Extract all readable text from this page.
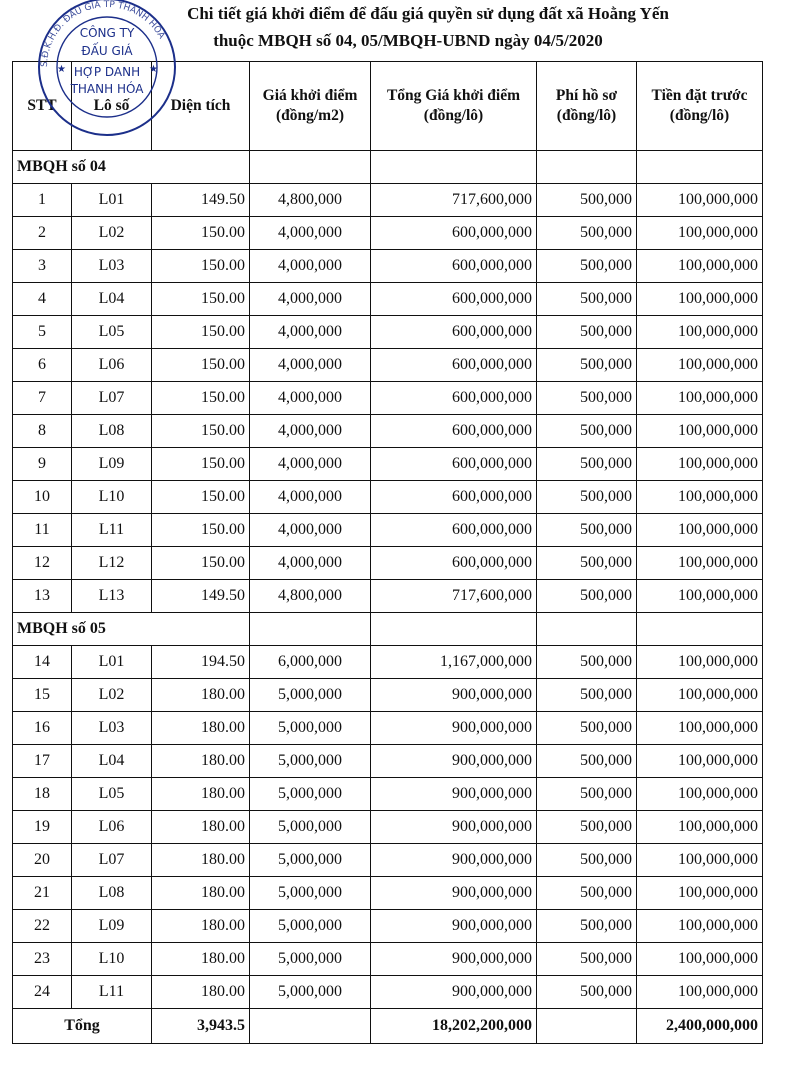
Chi tiết giá khởi điểm để đấu giá quyền sử dụng đất xã Hoằng Yến
thuộc MBQH số 04, 05/MBQH-UBND ngày 04/5/2020
STT	Lô số	Diện tích	Giá khởi điểm (đồng/m2)	Tổng Giá khởi điểm (đồng/lô)	Phí hồ sơ (đồng/lô)	Tiền đặt trước (đồng/lô)
MBQH số 04						
1	L01	149.50	4,800,000	717,600,000	500,000	100,000,000
2	L02	150.00	4,000,000	600,000,000	500,000	100,000,000
3	L03	150.00	4,000,000	600,000,000	500,000	100,000,000
4	L04	150.00	4,000,000	600,000,000	500,000	100,000,000
5	L05	150.00	4,000,000	600,000,000	500,000	100,000,000
6	L06	150.00	4,000,000	600,000,000	500,000	100,000,000
7	L07	150.00	4,000,000	600,000,000	500,000	100,000,000
8	L08	150.00	4,000,000	600,000,000	500,000	100,000,000
9	L09	150.00	4,000,000	600,000,000	500,000	100,000,000
10	L10	150.00	4,000,000	600,000,000	500,000	100,000,000
11	L11	150.00	4,000,000	600,000,000	500,000	100,000,000
12	L12	150.00	4,000,000	600,000,000	500,000	100,000,000
13	L13	149.50	4,800,000	717,600,000	500,000	100,000,000
MBQH số 05						
14	L01	194.50	6,000,000	1,167,000,000	500,000	100,000,000
15	L02	180.00	5,000,000	900,000,000	500,000	100,000,000
16	L03	180.00	5,000,000	900,000,000	500,000	100,000,000
17	L04	180.00	5,000,000	900,000,000	500,000	100,000,000
18	L05	180.00	5,000,000	900,000,000	500,000	100,000,000
19	L06	180.00	5,000,000	900,000,000	500,000	100,000,000
20	L07	180.00	5,000,000	900,000,000	500,000	100,000,000
21	L08	180.00	5,000,000	900,000,000	500,000	100,000,000
22	L09	180.00	5,000,000	900,000,000	500,000	100,000,000
23	L10	180.00	5,000,000	900,000,000	500,000	100,000,000
24	L11	180.00	5,000,000	900,000,000	500,000	100,000,000
Tổng		3,943.5		18,202,200,000		2,400,000,000
S.Đ.K.H.Đ. ĐẤU GIÁ TP THANH HÓA
CÔNG TY
ĐẤU GIÁ
HỢP DANH
THANH HÓA
★	★
